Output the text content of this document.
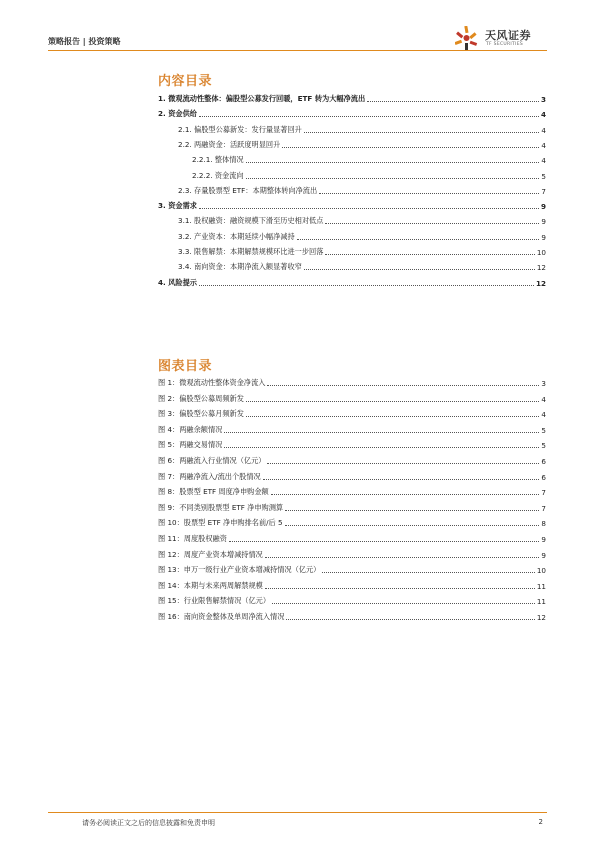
策略报告 | 投资策略	天风证券
TF SECURITIES
内容目录
1. 微观流动性整体：偏股型公募发行回暖，ETF 转为大幅净流出	3
2. 资金供给	4
2.1. 偏股型公募新发：发行量显著回升	4
2.2. 两融资金：活跃度明显回升	4
2.2.1. 整体情况	4
2.2.2. 资金流向	5
2.3. 存量股票型 ETF：本期整体转向净流出	7
3. 资金需求	9
3.1. 股权融资：融资规模下滑至历史相对低点	9
3.2. 产业资本：本期延续小幅净减持	9
3.3. 限售解禁：本期解禁规模环比进一步回落	10
3.4. 南向资金：本期净流入额显著收窄	12
4. 风险提示	12
图表目录
图 1：微观流动性整体资金净流入	3
图 2：偏股型公募周频新发	4
图 3：偏股型公募月频新发	4
图 4：两融余额情况	5
图 5：两融交易情况	5
图 6：两融流入行业情况（亿元）	6
图 7：两融净流入/流出个股情况	6
图 8：股票型 ETF 周度净申购金额	7
图 9：不同类别股票型 ETF 净申购测算	7
图 10：股票型 ETF 净申购排名前/后 5	8
图 11：周度股权融资	9
图 12：周度产业资本增减持情况	9
图 13：申万一级行业产业资本增减持情况（亿元）	10
图 14：本期与未来两周解禁规模	11
图 15：行业限售解禁情况（亿元）	11
图 16：南向资金整体及单周净流入情况	12
请务必阅读正文之后的信息披露和免责申明	2
